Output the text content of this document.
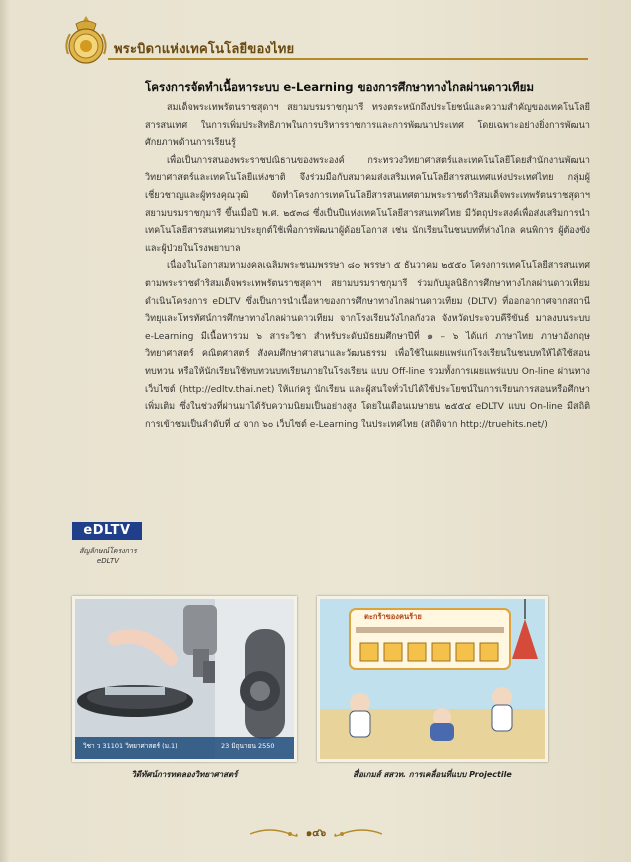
พระบิดาแห่งเทคโนโลยีของไทย
โครงการจัดทำเนื้อหาระบบ e-Learning ของการศึกษาทางไกลผ่านดาวเทียม

สมเด็จพระเทพรัตนราชสุดาฯ สยามบรมราชกุมารี ทรงตระหนักถึงประโยชน์และความสำคัญของเทคโนโลยีสารสนเทศ ในการเพิ่มประสิทธิภาพในการบริหารราชการและการพัฒนาประเทศ โดยเฉพาะอย่างยิ่งการพัฒนาศักยภาพด้านการเรียนรู้

เพื่อเป็นการสนองพระราชปณิธานของพระองค์ กระทรวงวิทยาศาสตร์และเทคโนโลยีโดยสำนักงานพัฒนาวิทยาศาสตร์และเทคโนโลยีแห่งชาติ จึงร่วมมือกับสมาคมส่งเสริมเทคโนโลยีสารสนเทศแห่งประเทศไทย กลุ่มผู้เชี่ยวชาญและผู้ทรงคุณวุฒิ จัดทำโครงการเทคโนโลยีสารสนเทศตามพระราชดำริสมเด็จพระเทพรัตนราชสุดาฯ สยามบรมราชกุมารี ขึ้นเมื่อปี พ.ศ. ๒๕๓๘ ซึ่งเป็นปีแห่งเทคโนโลยีสารสนเทศไทย มีวัตถุประสงค์เพื่อส่งเสริมการนำเทคโนโลยีสารสนเทศมาประยุกต์ใช้เพื่อการพัฒนาผู้ด้อยโอกาส เช่น นักเรียนในชนบทที่ห่างไกล คนพิการ ผู้ต้องขัง และผู้ป่วยในโรงพยาบาล

เนื่องในโอกาสมหามงคลเฉลิมพระชนมพรรษา ๘๐ พรรษา ๕ ธันวาคม ๒๕๕๐ โครงการเทคโนโลยีสารสนเทศตามพระราชดำริสมเด็จพระเทพรัตนราชสุดาฯ สยามบรมราชกุมารี ร่วมกับมูลนิธิการศึกษาทางไกลผ่านดาวเทียม ดำเนินโครงการ eDLTV ซึ่งเป็นการนำเนื้อหาของการศึกษาทางไกลผ่านดาวเทียม (DLTV) ที่ออกอากาศจากสถานีวิทยุและโทรทัศน์การศึกษาทางไกลผ่านดาวเทียม จากโรงเรียนวังไกลกังวล จังหวัดประจวบคีรีขันธ์ มาลงบนระบบ e-Learning มีเนื้อหารวม ๖ สาระวิชา สำหรับระดับมัธยมศึกษาปีที่ ๑ – ๖ ได้แก่ ภาษาไทย ภาษาอังกฤษ วิทยาศาสตร์ คณิตศาสตร์ สังคมศึกษาศาสนาและวัฒนธรรม เพื่อใช้ในเผยแพร่แก่โรงเรียนในชนบทให้ได้ใช้สอน ทบทวน หรือให้นักเรียนใช้ทบทวนบทเรียนภายในโรงเรียน แบบ Off-line รวมทั้งการเผยแพร่แบบ On-line ผ่านทางเว็บไซต์ (http://edltv.thai.net) ให้แก่ครู นักเรียน และผู้สนใจทั่วไปได้ใช้ประโยชน์ในการเรียนการสอนหรือศึกษาเพิ่มเติม ซึ่งในช่วงที่ผ่านมาได้รับความนิยมเป็นอย่างสูง โดยในเดือนเมษายน ๒๕๕๔ eDLTV แบบ On-line มีสถิติการเข้าชมเป็นลำดับที่ ๔ จาก ๖๐ เว็บไซต์ e-Learning ในประเทศไทย (สถิติจาก http://truehits.net/)

eDLTV
สัญลักษณ์โครงการ eDLTV
วิชา ว 31101 วิทยาศาสตร์ (ม.1)	23 มิถุนายน 2550
วิดีทัศน์การทดลองวิทยาศาสตร์
ตะกร้าของคนร้าย
สื่อเกมส์ สสวท. การเคลื่อนที่แบบ Projectile
๑๔๖
